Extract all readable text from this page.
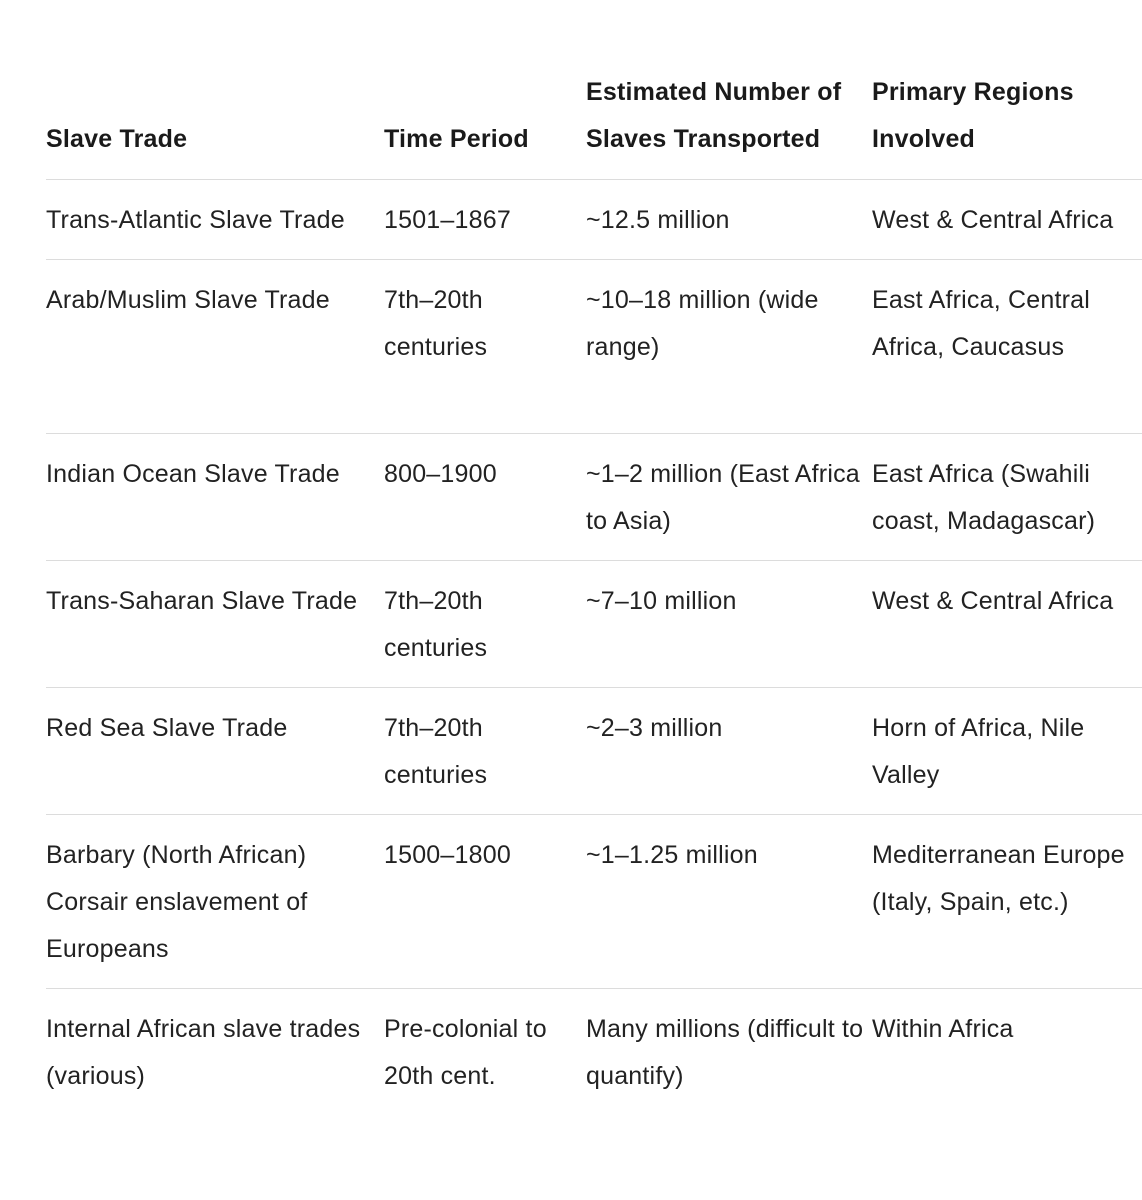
Slave Trade	Time Period	Estimated Number of Slaves Transported	Primary Regions Involved
Trans-Atlantic Slave Trade	1501–1867	~12.5 million	West & Central Africa
Arab/Muslim Slave Trade	7th–20th centuries	~10–18 million (wide range)	East Africa, Central Africa, Caucasus
Indian Ocean Slave Trade	800–1900	~1–2 million (East Africa to Asia)	East Africa (Swahili coast, Madagascar)
Trans-Saharan Slave Trade	7th–20th centuries	~7–10 million	West & Central Africa
Red Sea Slave Trade	7th–20th centuries	~2–3 million	Horn of Africa, Nile Valley
Barbary (North African) Corsair enslavement of Europeans	1500–1800	~1–1.25 million	Mediterranean Europe (Italy, Spain, etc.)
Internal African slave trades (various)	Pre-colonial to 20th cent.	Many millions (difficult to quantify)	Within Africa
